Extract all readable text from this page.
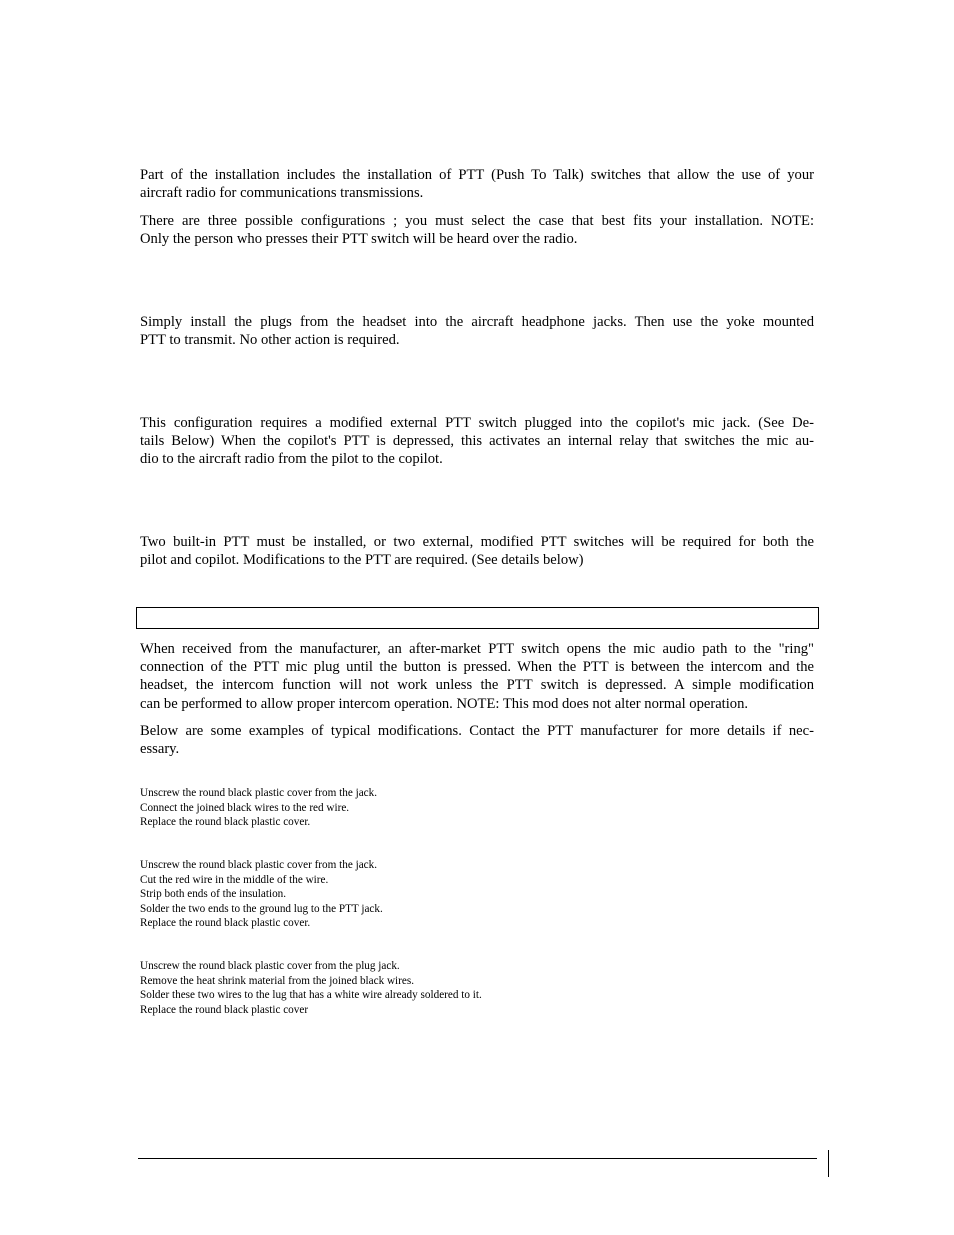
Part of the installation includes the installation of PTT (Push To Talk) switches that allow the use of your
aircraft radio for communications transmissions.

There are three possible configurations ; you must select the case that best fits your installation. NOTE:
Only the person who presses their PTT switch will be heard over the radio.

Simply install the plugs from the headset into the aircraft headphone jacks. Then use the yoke mounted
PTT to transmit. No other action is required.

This configuration requires a modified external PTT switch plugged into the copilot's mic jack. (See De-
tails Below) When the copilot's PTT is depressed, this activates an internal relay that switches the mic au-
dio to the aircraft radio from the pilot to the copilot.

Two built-in PTT must be installed, or two external, modified PTT switches will be required for both the
pilot and copilot. Modifications to the PTT are required. (See details below)

When received from the manufacturer, an after-market PTT switch opens the mic audio path to the "ring"
connection of the PTT mic plug until the button is pressed. When the PTT is between the intercom and the
headset, the intercom function will not work unless the PTT switch is depressed. A simple modification
can be performed to allow proper intercom operation. NOTE: This mod does not alter normal operation.

Below are some examples of typical modifications. Contact the PTT manufacturer for more details if nec-
essary.

Unscrew the round black plastic cover from the jack.
Connect the joined black wires to the red wire.
Replace the round black plastic cover.
Unscrew the round black plastic cover from the jack.
Cut the red wire in the middle of the wire.
Strip both ends of the insulation.
Solder the two ends to the ground lug to the PTT jack.
Replace the round black plastic cover.
Unscrew the round black plastic cover from the plug jack.
Remove the heat shrink material from the joined black wires.
Solder these two wires to the lug that has a white wire already soldered to it.
Replace the round black plastic cover
